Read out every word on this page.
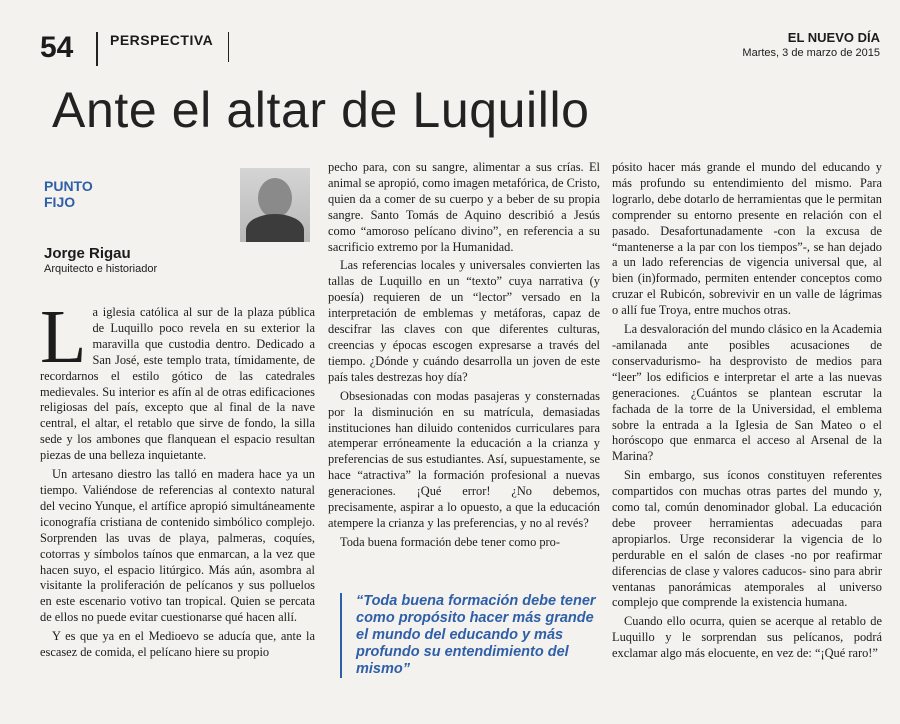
54	PERSPECTIVA	EL NUEVO DÍA
Martes, 3 de marzo de 2015
Ante el altar de Luquillo
PUNTO
FIJO
Jorge Rigau
Arquitecto e historiador

La iglesia católica al sur de la plaza pública de Luquillo poco revela en su exterior la maravilla que custodia dentro. Dedicado a San José, este templo trata, tímidamente, de recordarnos el estilo gótico de las catedrales medievales. Su interior es afín al de otras edificaciones religiosas del país, excepto que al final de la nave central, el altar, el retablo que sirve de fondo, la silla sede y los ambones que flanquean el espacio resultan piezas de una belleza inquietante.

Un artesano diestro las talló en madera hace ya un tiempo. Valiéndose de referencias al contexto natural del vecino Yunque, el artífice apropió simultáneamente iconografía cristiana de contenido simbólico complejo. Sorprenden las uvas de playa, palmeras, coquíes, cotorras y símbolos taínos que enmarcan, a la vez que hacen suyo, el espacio litúrgico. Más aún, asombra al visitante la proliferación de pelícanos y sus polluelos en este escenario votivo tan tropical. Quien se percata de ellos no puede evitar cuestionarse qué hacen allí.

Y es que ya en el Medioevo se aducía que, ante la escasez de comida, el pelícano hiere su propio

pecho para, con su sangre, alimentar a sus crías. El animal se apropió, como imagen metafórica, de Cristo, quien da a comer de su cuerpo y a beber de su propia sangre. Santo Tomás de Aquino describió a Jesús como “amoroso pelícano divino”, en referencia a su sacrificio extremo por la Humanidad.

Las referencias locales y universales convierten las tallas de Luquillo en un “texto” cuya narrativa (y poesía) requieren de un “lector” versado en la interpretación de emblemas y metáforas, capaz de descifrar las claves con que diferentes culturas, creencias y épocas escogen expresarse a través del tiempo. ¿Dónde y cuándo desarrolla un joven de este país tales destrezas hoy día?

Obsesionadas con modas pasajeras y consternadas por la disminución en su matrícula, demasiadas instituciones han diluido contenidos curriculares para atemperar erróneamente la educación a la crianza y preferencias de sus estudiantes. Así, supuestamente, se hace “atractiva” la formación profesional a nuevas generaciones. ¡Qué error! ¿No debemos, precisamente, aspirar a lo opuesto, a que la educación atempere la crianza y las preferencias, y no al revés?

Toda buena formación debe tener como pro-

“Toda buena formación debe tener como propósito hacer más grande el mundo del educando y más profundo su entendimiento del mismo”

pósito hacer más grande el mundo del educando y más profundo su entendimiento del mismo. Para lograrlo, debe dotarlo de herramientas que le permitan comprender su entorno presente en relación con el pasado. Desafortunadamente -con la excusa de “mantenerse a la par con los tiempos”-, se han dejado a un lado referencias de vigencia universal que, al bien (in)formado, permiten entender conceptos como cruzar el Rubicón, sobrevivir en un valle de lágrimas o allí fue Troya, entre muchos otras.

La desvaloración del mundo clásico en la Academia -amilanada ante posibles acusaciones de conservadurismo- ha desprovisto de medios para “leer” los edificios e interpretar el arte a las nuevas generaciones. ¿Cuántos se plantean escrutar la fachada de la torre de la Universidad, el emblema sobre la entrada a la Iglesia de San Mateo o el horóscopo que enmarca el acceso al Arsenal de la Marina?

Sin embargo, sus íconos constituyen referentes compartidos con muchas otras partes del mundo y, como tal, común denominador global. La educación debe proveer herramientas adecuadas para apropiarlos. Urge reconsiderar la vigencia de lo perdurable en el salón de clases -no por reafirmar diferencias de clase y valores caducos- sino para abrir ventanas panorámicas atemporales al universo complejo que comprende la existencia humana.

Cuando ello ocurra, quien se acerque al retablo de Luquillo y le sorprendan sus pelícanos, podrá exclamar algo más elocuente, en vez de: “¡Qué raro!”
